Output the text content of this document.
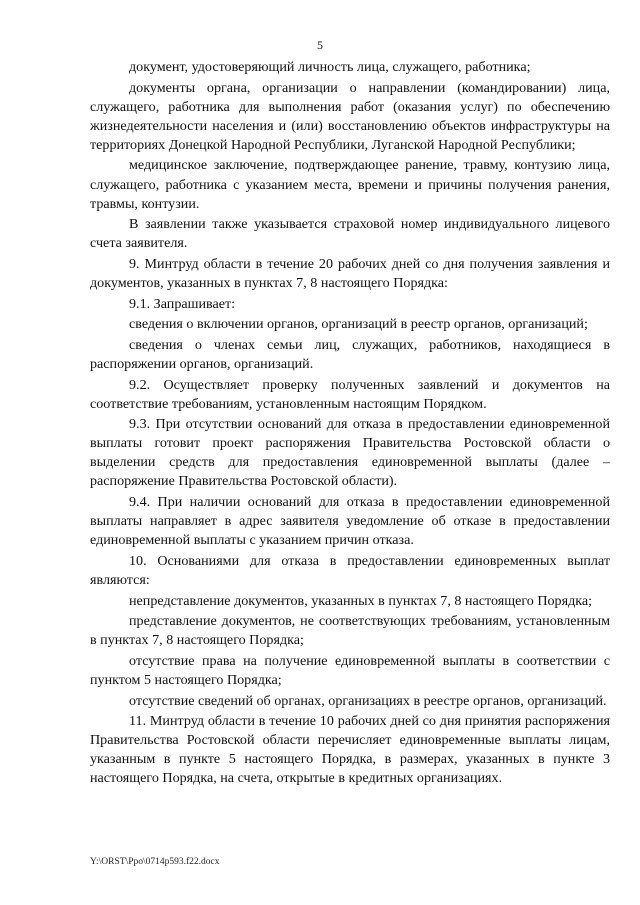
5

документ, удостоверяющий личность лица, служащего, работника;

документы органа, организации о направлении (командировании) лица, служащего, работника для выполнения работ (оказания услуг) по обеспечению жизнедеятельности населения и (или) восстановлению объектов инфраструктуры на территориях Донецкой Народной Республики, Луганской Народной Республики;

медицинское заключение, подтверждающее ранение, травму, контузию лица, служащего, работника с указанием места, времени и причины получения ранения, травмы, контузии.

В заявлении также указывается страховой номер индивидуального лицевого счета заявителя.

9. Минтруд области в течение 20 рабочих дней со дня получения заявления и документов, указанных в пунктах 7, 8 настоящего Порядка:

9.1. Запрашивает:

сведения о включении органов, организаций в реестр органов, организаций;

сведения о членах семьи лиц, служащих, работников, находящиеся в распоряжении органов, организаций.

9.2. Осуществляет проверку полученных заявлений и документов на соответствие требованиям, установленным настоящим Порядком.

9.3. При отсутствии оснований для отказа в предоставлении единовременной выплаты готовит проект распоряжения Правительства Ростовской области о выделении средств для предоставления единовременной выплаты (далее – распоряжение Правительства Ростовской области).

9.4. При наличии оснований для отказа в предоставлении единовременной выплаты направляет в адрес заявителя уведомление об отказе в предоставлении единовременной выплаты с указанием причин отказа.

10. Основаниями для отказа в предоставлении единовременных выплат являются:

непредставление документов, указанных в пунктах 7, 8 настоящего Порядка;

представление документов, не соответствующих требованиям, установленным в пунктах 7, 8 настоящего Порядка;

отсутствие права на получение единовременной выплаты в соответствии с пунктом 5 настоящего Порядка;

отсутствие сведений об органах, организациях в реестре органов, организаций.

11. Минтруд области в течение 10 рабочих дней со дня принятия распоряжения Правительства Ростовской области перечисляет единовременные выплаты лицам, указанным в пункте 5 настоящего Порядка, в размерах, указанных в пункте 3 настоящего Порядка, на счета, открытые в кредитных организациях.

Y:\ORST\Ppo\0714p593.f22.docx
